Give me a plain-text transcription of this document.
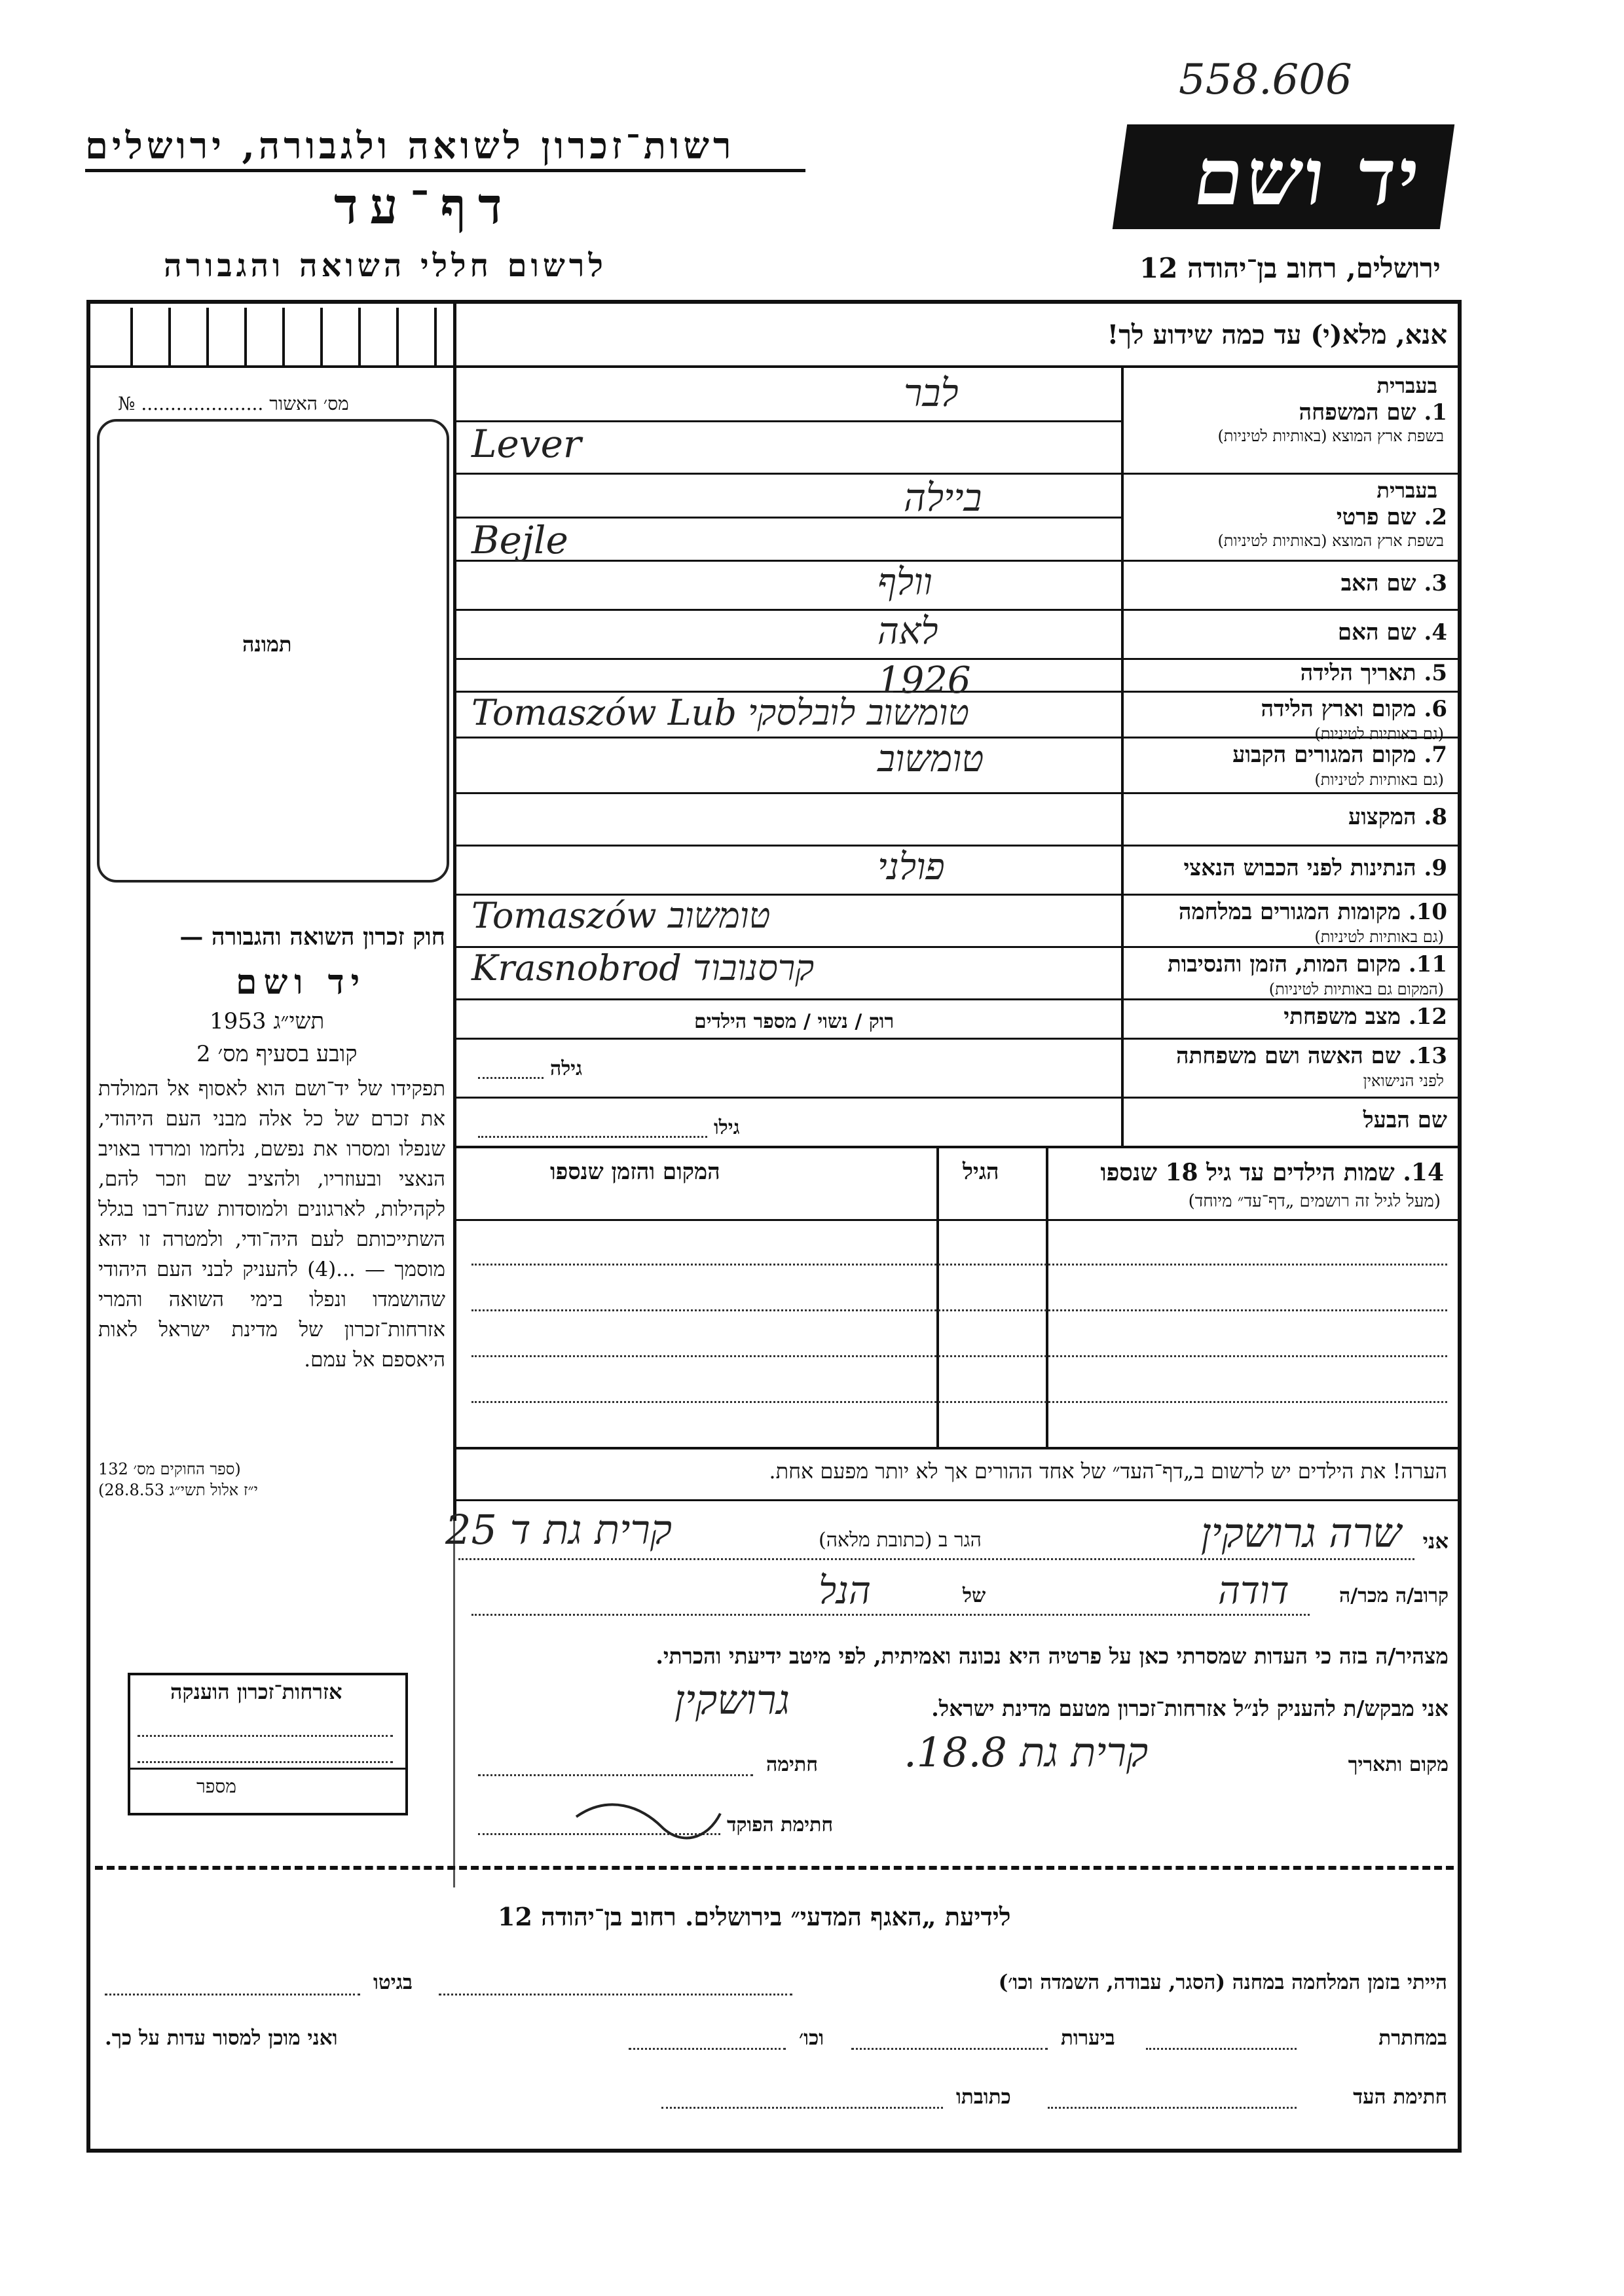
558.606
רשות־זכרון לשואה ולגבורה, ירושלים
דף־עד
לרשום חללי השואה והגבורה
יד ושם
ירושלים, רחוב בן־יהודה 12
אנא, מלא(י) עד כמה שידוע לך!
מס׳ האשור ..................... №
תמונה
1. שם המשפחה
בעברית
בשפת ארץ המוצא (באותיות לטיניות)
לבר
Lever
2. שם פרטי
בעברית
בשפת ארץ המוצא (באותיות לטיניות)
ביילה
Bejle
3. שם האב
וולף
4. שם האם
לאה
5. תאריך הלידה
1926
6. מקום וארץ הלידה
(גם באותיות לטיניות)
טומשוב לובלסקי Tomaszów Lub
7. מקום המגורים הקבוע
(גם באותיות לטיניות)
טומשוב
8. המקצוע
9. הנתינות לפני הכבוש הנאצי
פולני
10. מקומות המגורים במלחמה
(גם באותיות לטיניות)
טומשוב Tomaszów
11. מקום המות, הזמן והנסיבות
(המקום גם באותיות לטיניות)
קרסנובוד Krasnobrod
12. מצב משפחתי
רוק / נשוי / מספר הילדים
13. שם האשה ושם משפחתה
לפני הנישואין
גילה
שם הבעל
גילו
14. שמות הילדים עד גיל 18 שנספו
(מעל לגיל זה רושמים „דף־עד״ מיוחד)
הגיל
המקום והזמן שנספו
הערה! את הילדים יש לרשום ב„דף־העד״ של אחד ההורים אך לא יותר מפעם אחת.
חוק זכרון השואה והגבורה —
יד ושם
תשי״ג 1953
קובע בסעיף מס׳ 2
תפקידו של יד־ושם הוא לאסוף אל המולדת את זכרם של כל אלה מבני העם היהודי, שנפלו ומסרו את נפשם, נלחמו ומרדו באויב הנאצי ובעוזריו, ולהציב שם וזכר להם, לקהילות, לארגונים ולמוסדות שנח־רבו בגלל השתייכותם לעם היה־ודי, ולמטרה זו יהא מוסמך — ...(4) להעניק לבני העם היהודי שהושמדו ונפלו בימי השואה והמרי אזרחות־זכרון של מדינת ישראל לאות היאספם אל עמם.
(ספר החוקים מס׳ 132
י״ז אלול תשי״ג 28.8.53)
אזרחות־זכרון הוענקה
מספר
אני
שרה גרושקין
הגר ב (כתובת מלאה)
קרית גת ד 25
קרוב/ה מכר/ה
דודה
של
הנל
מצהיר/ה בזה כי העדות שמסרתי כאן על פרטיה היא נכונה ואמיתית, לפי מיטב ידיעתי והכרתי.
אני מבקש/ת להעניק לנ״ל אזרחות־זכרון מטעם מדינת ישראל.
גרושקין
מקום ותאריך
קרית גת 18.8.
חתימה
חתימת הפוקד
לידיעת „האגף המדעי״ בירושלים. רחוב בן־יהודה 12
הייתי בזמן המלחמה במחנה (הסגר, עבודה, השמדה וכו׳)
בגיטו
במחתרת
ביערות
וכו׳
ואני מוכן למסור עדות על כך.
חתימת העד
כתובתו
